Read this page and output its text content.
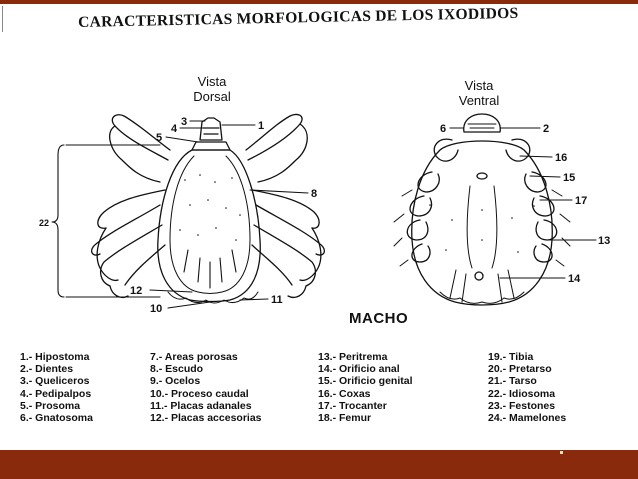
CARACTERISTICAS MORFOLOGICAS DE LOS IXODIDOS
Vista
Dorsal
Vista
Ventral
3
4	1
5
8
22
12
10
11
6	2
16
15
17
13
14
MACHO
1.- Hipostoma
2.- Dientes
3.- Queliceros
4.- Pedipalpos
5.- Prosoma
6.- Gnatosoma
7.- Areas porosas
8.- Escudo
9.- Ocelos
10.- Proceso caudal
11.- Placas adanales
12.- Placas accesorias
13.- Peritrema
14.- Orificio anal
15.- Orificio genital
16.- Coxas
17.- Trocanter
18.- Femur
19.- Tibia
20.- Pretarso
21.- Tarso
22.- Idiosoma
23.- Festones
24.- Mamelones
